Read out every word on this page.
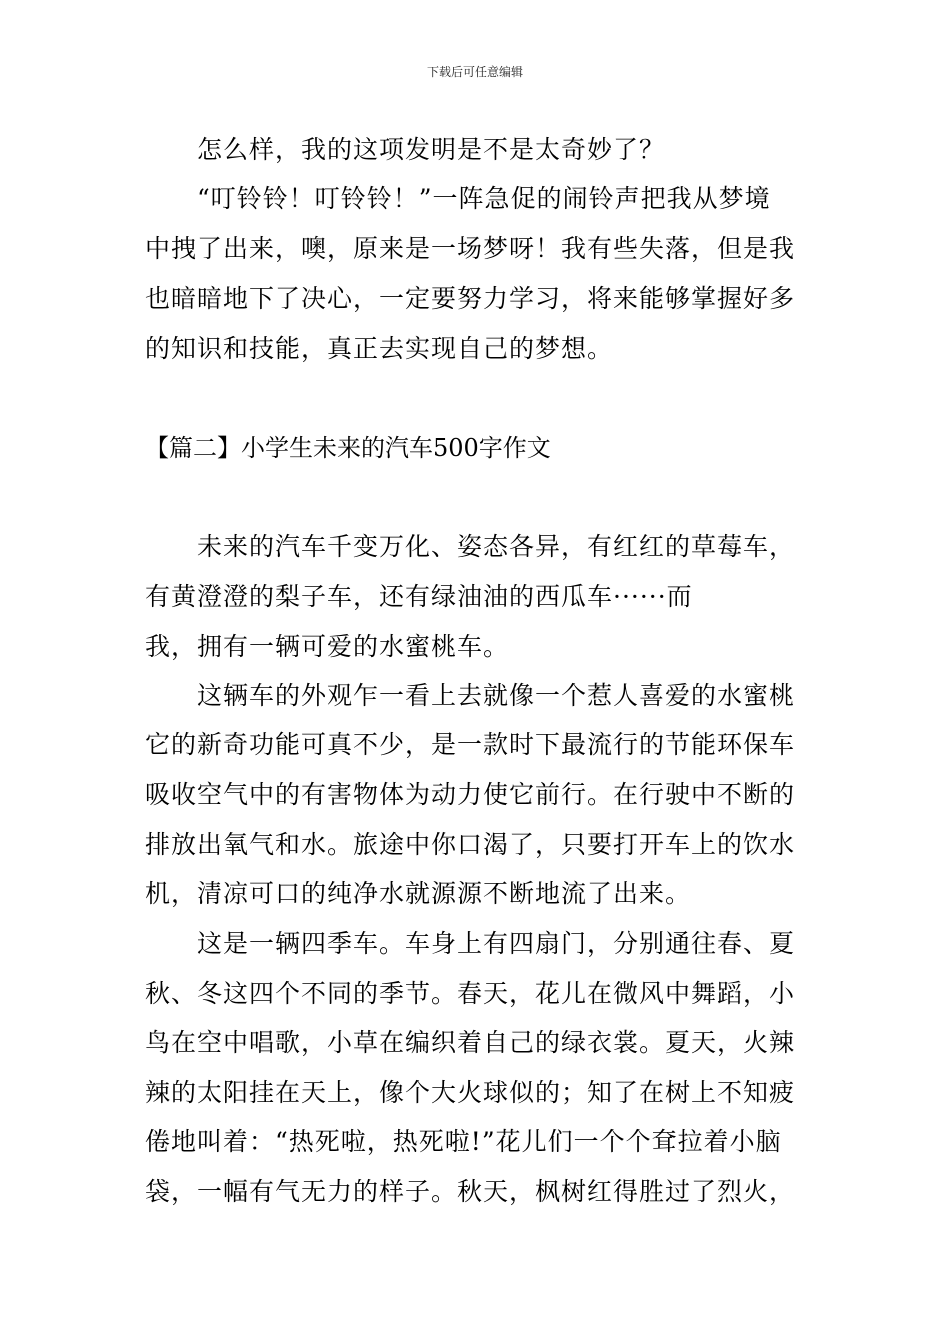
下载后可任意编辑
怎么样，我的这项发明是不是太奇妙了？
“叮铃铃！叮铃铃！”一阵急促的闹铃声把我从梦境
中拽了出来，噢，原来是一场梦呀！我有些失落，但是我
也暗暗地下了决心，一定要努力学习，将来能够掌握好多
的知识和技能，真正去实现自己的梦想。
【篇二】小学生未来的汽车500字作文
未来的汽车千变万化、姿态各异，有红红的草莓车，
有黄澄澄的梨子车，还有绿油油的西瓜车······而
我，拥有一辆可爱的水蜜桃车。
这辆车的外观乍一看上去就像一个惹人喜爱的水蜜桃
它的新奇功能可真不少，是一款时下最流行的节能环保车
吸收空气中的有害物体为动力使它前行。在行驶中不断的
排放出氧气和水。旅途中你口渴了，只要打开车上的饮水
机，清凉可口的纯净水就源源不断地流了出来。
这是一辆四季车。车身上有四扇门，分别通往春、夏
秋、冬这四个不同的季节。春天，花儿在微风中舞蹈，小
鸟在空中唱歌，小草在编织着自己的绿衣裳。夏天，火辣
辣的太阳挂在天上，像个大火球似的；知了在树上不知疲
倦地叫着：“热死啦，热死啦!”花儿们一个个耷拉着小脑
袋，一幅有气无力的样子。秋天，枫树红得胜过了烈火，
